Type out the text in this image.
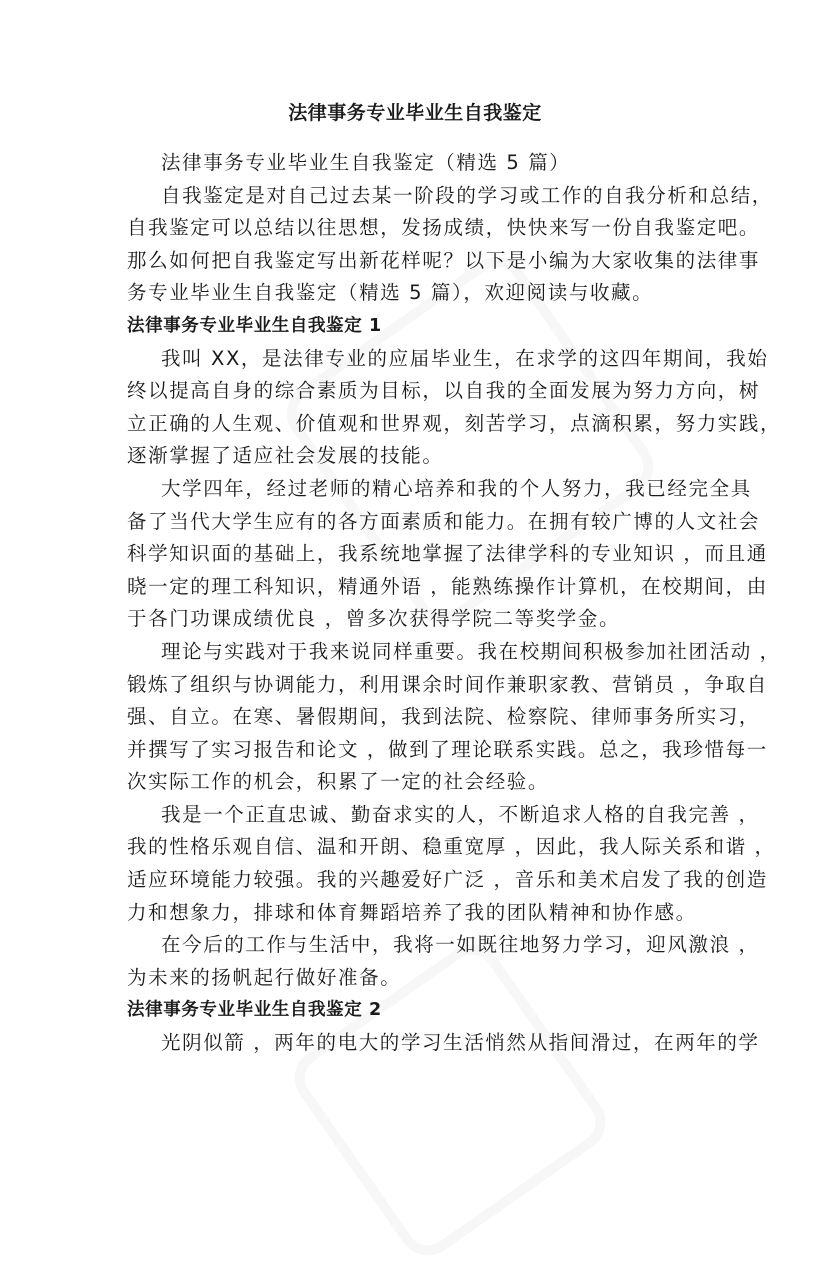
法律事务专业毕业生自我鉴定
法律事务专业毕业生自我鉴定（精选 5 篇）
自我鉴定是对自己过去某一阶段的学习或工作的自我分析和总结，
自我鉴定可以总结以往思想，发扬成绩，快快来写一份自我鉴定吧。
那么如何把自我鉴定写出新花样呢？以下是小编为大家收集的法律事
务专业毕业生自我鉴定（精选 5 篇），欢迎阅读与收藏。
法律事务专业毕业生自我鉴定 1
我叫 XX，是法律专业的应届毕业生，在求学的这四年期间，我始
终以提高自身的综合素质为目标，以自我的全面发展为努力方向，树
立正确的人生观、价值观和世界观，刻苦学习，点滴积累，努力实践，
逐渐掌握了适应社会发展的技能。
大学四年，经过老师的精心培养和我的个人努力，我已经完全具
备了当代大学生应有的各方面素质和能力。在拥有较广博的人文社会
科学知识面的基础上，我系统地掌握了法律学科的专业知识 ，而且通
晓一定的理工科知识，精通外语 ，能熟练操作计算机，在校期间，由
于各门功课成绩优良 ，曾多次获得学院二等奖学金。
理论与实践对于我来说同样重要。我在校期间积极参加社团活动 ，
锻炼了组织与协调能力，利用课余时间作兼职家教、营销员 ，争取自
强、自立。在寒、暑假期间，我到法院、检察院、律师事务所实习，
并撰写了实习报告和论文 ，做到了理论联系实践。总之，我珍惜每一
次实际工作的机会，积累了一定的社会经验。
我是一个正直忠诚、勤奋求实的人，不断追求人格的自我完善 ，
我的性格乐观自信、温和开朗、稳重宽厚 ，因此，我人际关系和谐 ，
适应环境能力较强。我的兴趣爱好广泛 ，音乐和美术启发了我的创造
力和想象力，排球和体育舞蹈培养了我的团队精神和协作感。
在今后的工作与生活中，我将一如既往地努力学习，迎风激浪 ，
为未来的扬帆起行做好准备。
法律事务专业毕业生自我鉴定 2
光阴似箭 ，两年的电大的学习生活悄然从指间滑过，在两年的学
